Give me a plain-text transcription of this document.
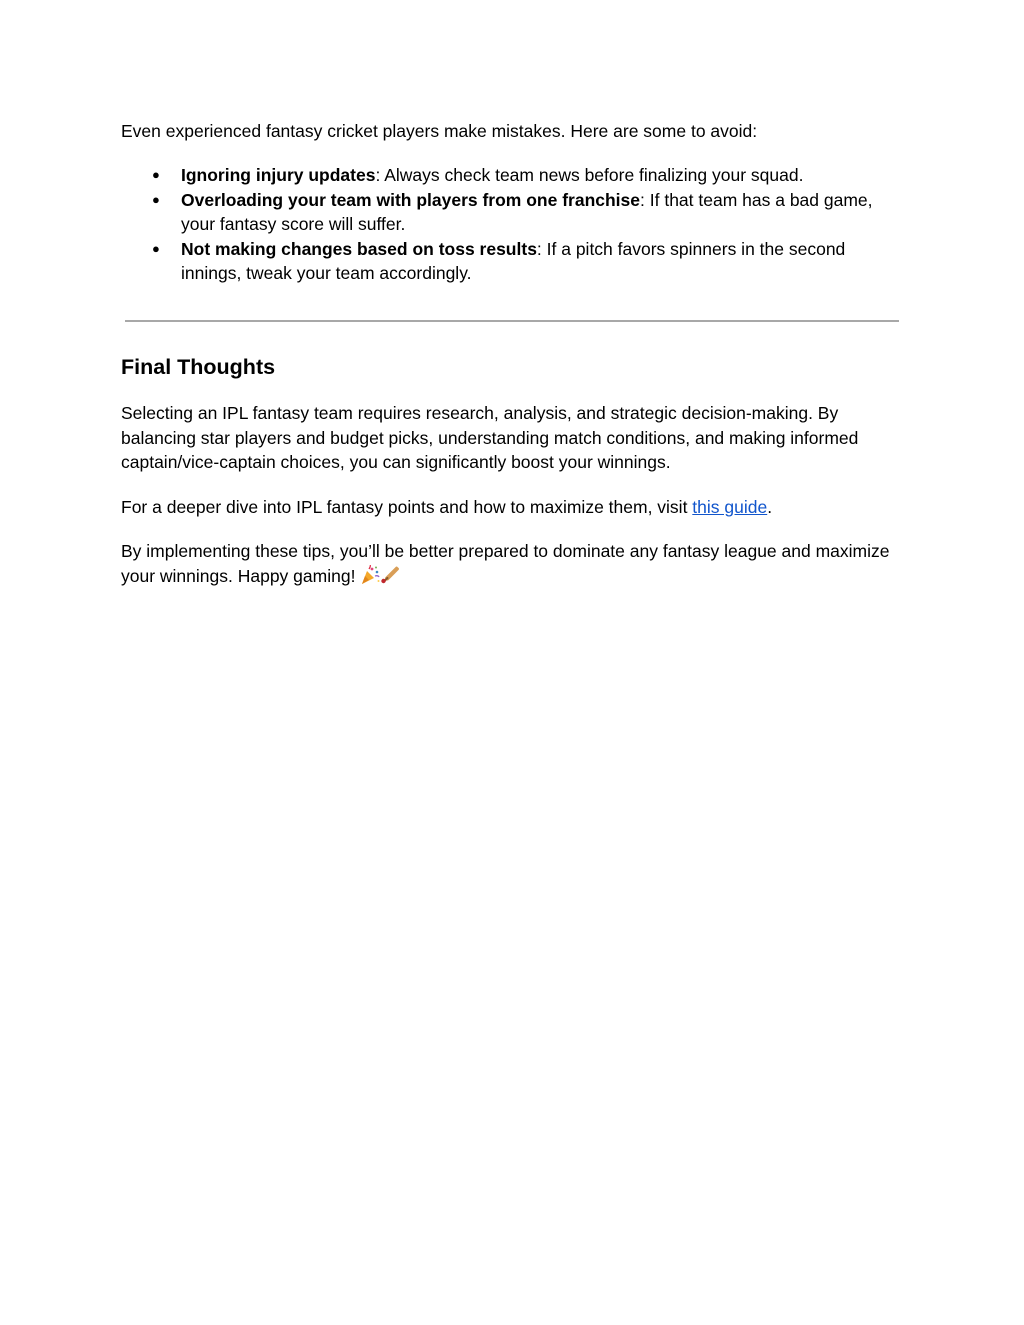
Even experienced fantasy cricket players make mistakes. Here are some to avoid:

● Ignoring injury updates: Always check team news before finalizing your squad.
● Overloading your team with players from one franchise: If that team has a bad game, your fantasy score will suffer.
● Not making changes based on toss results: If a pitch favors spinners in the second innings, tweak your team accordingly.
Final Thoughts

Selecting an IPL fantasy team requires research, analysis, and strategic decision-making. By balancing star players and budget picks, understanding match conditions, and making informed captain/vice-captain choices, you can significantly boost your winnings.

For a deeper dive into IPL fantasy points and how to maximize them, visit this guide.

By implementing these tips, you’ll be better prepared to dominate any fantasy league and maximize your winnings. Happy gaming!
